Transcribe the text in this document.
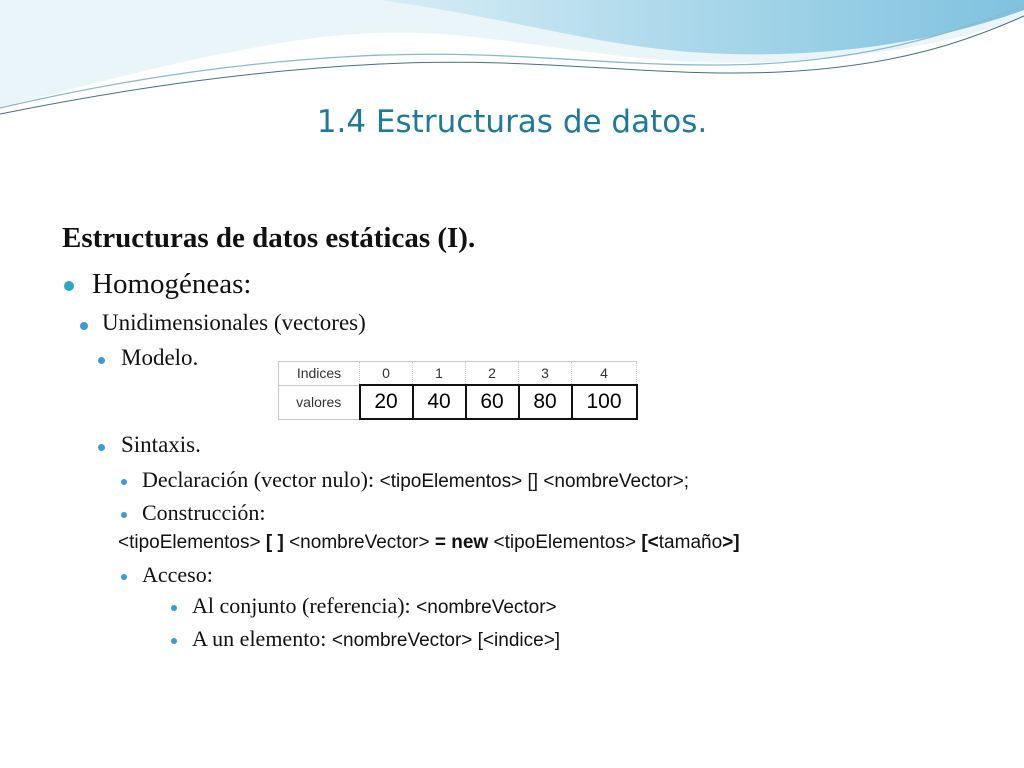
1.4 Estructuras de datos.
Estructuras de datos estáticas (I).
Homogéneas:
Unidimensionales (vectores)
Modelo.
Indices	0	1	2	3	4
valores	20	40	60	80	100
Sintaxis.
Declaración (vector nulo): <tipoElementos> [] <nombreVector>;
Construcción:
<tipoElementos> [ ] <nombreVector> = new <tipoElementos> [<tamaño>]
Acceso:
Al conjunto (referencia): <nombreVector>
A un elemento: <nombreVector> [<indice>]
